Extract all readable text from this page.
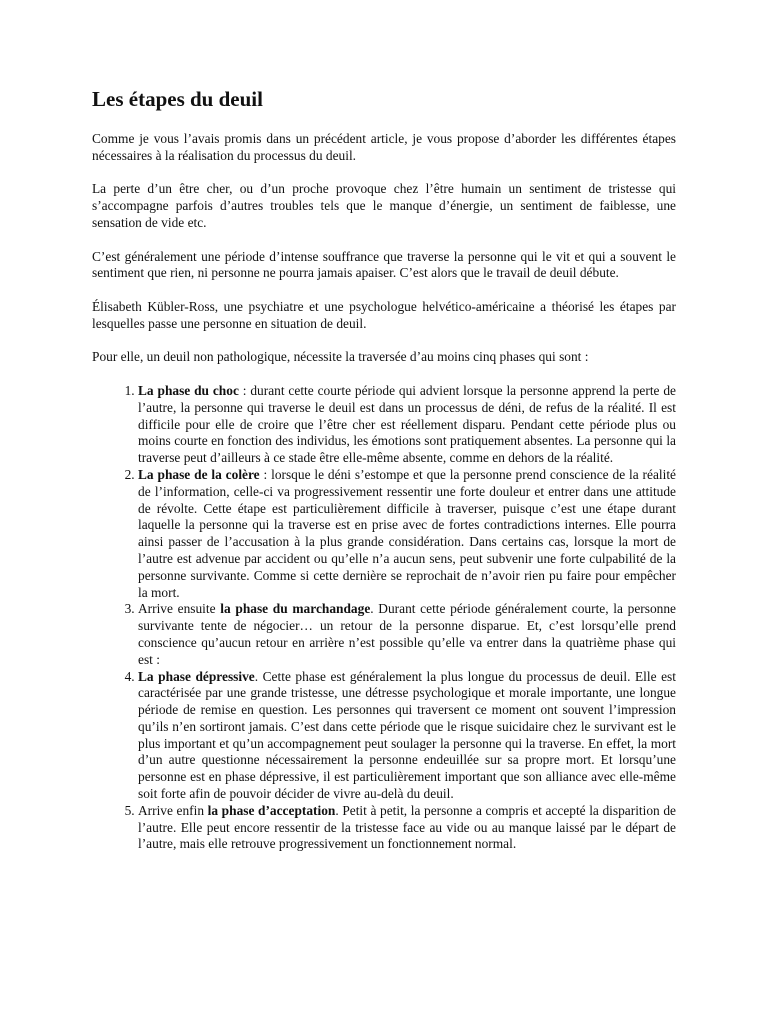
Les étapes du deuil

Comme je vous l’avais promis dans un précédent article, je vous propose d’aborder les différentes étapes nécessaires à la réalisation du processus du deuil.

La perte d’un être cher, ou d’un proche provoque chez l’être humain un sentiment de tristesse qui s’accompagne parfois d’autres troubles tels que le manque d’énergie, un sentiment de faiblesse, une sensation de vide etc.

C’est généralement une période d’intense souffrance que traverse la personne qui le vit et qui a souvent le sentiment que rien, ni personne ne pourra jamais apaiser. C’est alors que le travail de deuil débute.

Élisabeth Kübler-Ross, une psychiatre et une psychologue helvético-américaine a théorisé les étapes par lesquelles passe une personne en situation de deuil.

Pour elle, un deuil non pathologique, nécessite la traversée d’au moins cinq phases qui sont :

1. La phase du choc : durant cette courte période qui advient lorsque la personne apprend la perte de l’autre, la personne qui traverse le deuil est dans un processus de déni, de refus de la réalité. Il est difficile pour elle de croire que l’être cher est réellement disparu. Pendant cette période plus ou moins courte en fonction des individus, les émotions sont pratiquement absentes. La personne qui la traverse peut d’ailleurs à ce stade être elle-même absente, comme en dehors de la réalité.
2. La phase de la colère : lorsque le déni s’estompe et que la personne prend conscience de la réalité de l’information, celle-ci va progressivement ressentir une forte douleur et entrer dans une attitude de révolte. Cette étape est particulièrement difficile à traverser, puisque c’est une étape durant laquelle la personne qui la traverse est en prise avec de fortes contradictions internes. Elle pourra ainsi passer de l’accusation à la plus grande considération. Dans certains cas, lorsque la mort de l’autre est advenue par accident ou qu’elle n’a aucun sens, peut subvenir une forte culpabilité de la personne survivante. Comme si cette dernière se reprochait de n’avoir rien pu faire pour empêcher la mort.
3. Arrive ensuite la phase du marchandage. Durant cette période généralement courte, la personne survivante tente de négocier… un retour de la personne disparue. Et, c’est lorsqu’elle prend conscience qu’aucun retour en arrière n’est possible qu’elle va entrer dans la quatrième phase qui est :
4. La phase dépressive. Cette phase est généralement la plus longue du processus de deuil. Elle est caractérisée par une grande tristesse, une détresse psychologique et morale importante, une longue période de remise en question. Les personnes qui traversent ce moment ont souvent l’impression qu’ils n’en sortiront jamais. C’est dans cette période que le risque suicidaire chez le survivant est le plus important et qu’un accompagnement peut soulager la personne qui la traverse. En effet, la mort d’un autre questionne nécessairement la personne endeuillée sur sa propre mort. Et lorsqu’une personne est en phase dépressive, il est particulièrement important que son alliance avec elle-même soit forte afin de pouvoir décider de vivre au-delà du deuil.
5. Arrive enfin la phase d’acceptation. Petit à petit, la personne a compris et accepté la disparition de l’autre. Elle peut encore ressentir de la tristesse face au vide ou au manque laissé par le départ de l’autre, mais elle retrouve progressivement un fonctionnement normal.
